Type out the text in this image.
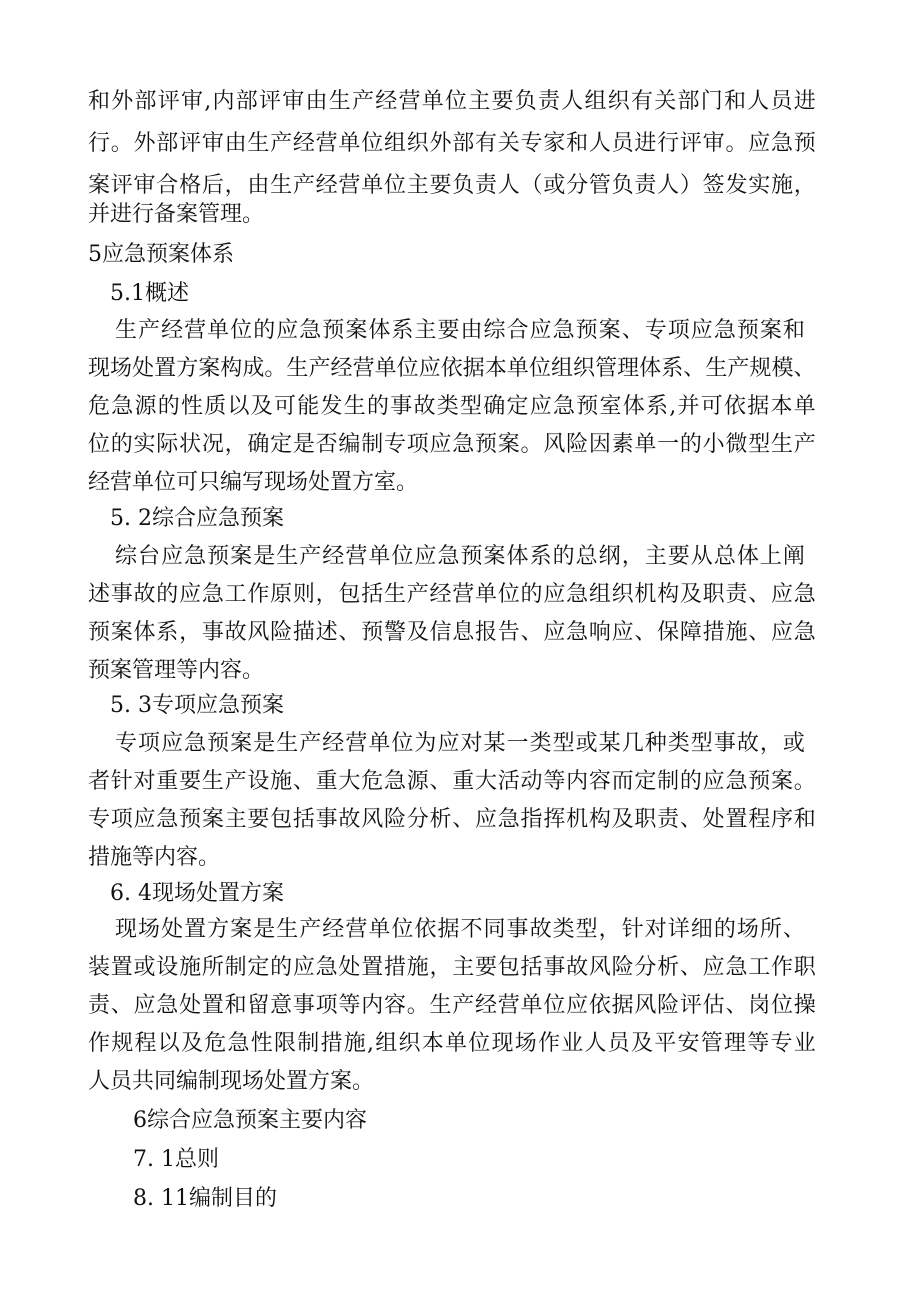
和 外 部 评 审 , 内 部 评 审 由 生 产 经 营 单 位 主 要 负 责 人 组 织 有 关 部 门 和 人 员 进
行 。 外 部 评 审 由 生 产 经 营 单 位 组 织 外 部 有 关 专 家 和 人 员 进 行 评 审 。 应 急 预
案 评 审 合 格 后 ， 由 生 产 经 营 单 位 主 要 负 责 人 （ 或 分 管 负 责 人 ） 签 发 实 施 ，
并进行备案管理。
5应急预案体系
5.1概述
生 产 经 营 单 位 的 应 急 预 案 体 系 主 要 由 综 合 应 急 预 案 、 专 项 应 急 预 案 和
现 场 处 置 方 案 构 成 。 生 产 经 营 单 位 应 依 据 本 单 位 组 织 管 理 体 系 、 生 产 规 模 、
危 急 源 的 性 质 以 及 可 能 发 生 的 事 故 类 型 确 定 应 急 预 室 体 系 , 并 可 依 据 本 单
位 的 实 际 状 况 ， 确 定 是 否 编 制 专 项 应 急 预 案 。 风 险 因 素 单 一 的 小 微 型 生 产
经营单位可只编写现场处置方室。
5. 2综合应急预案
综 台 应 急 预 案 是 生 产 经 营 单 位 应 急 预 案 体 系 的 总 纲 ， 主 要 从 总 体 上 阐
述 事 故 的 应 急 工 作 原 则 ， 包 括 生 产 经 营 单 位 的 应 急 组 织 机 构 及 职 责 、 应 急
预 案 体 系 ， 事 故 风 险 描 述 、 预 警 及 信 息 报 告 、 应 急 响 应 、 保 障 措 施 、 应 急
预案管理等内容。
5. 3专项应急预案
专 项 应 急 预 案 是 生 产 经 营 单 位 为 应 对 某 一 类 型 或 某 几 种 类 型 事 故 ， 或
者 针 对 重 要 生 产 设 施 、 重 大 危 急 源 、 重 大 活 动 等 内 容 而 定 制 的 应 急 预 案 。
专 项 应 急 预 案 主 要 包 括 事 故 风 险 分 析 、 应 急 指 挥 机 构 及 职 责 、 处 置 程 序 和
措施等内容。
6. 4现场处置方案
现 场 处 置 方 案 是 生 产 经 营 单 位 依 据 不 同 事 故 类 型 ， 针 对 详 细 的 场 所 、
装 置 或 设 施 所 制 定 的 应 急 处 置 措 施 ， 主 要 包 括 事 故 风 险 分 析 、 应 急 工 作 职
责 、 应 急 处 置 和 留 意 事 项 等 内 容 。 生 产 经 营 单 位 应 依 据 风 险 评 估 、 岗 位 操
作 规 程 以 及 危 急 性 限 制 措 施 , 组 织 本 单 位 现 场 作 业 人 员 及 平 安 管 理 等 专 业
人员共同编制现场处置方案。
6综合应急预案主要内容
7. 1总则
8. 11编制目的
